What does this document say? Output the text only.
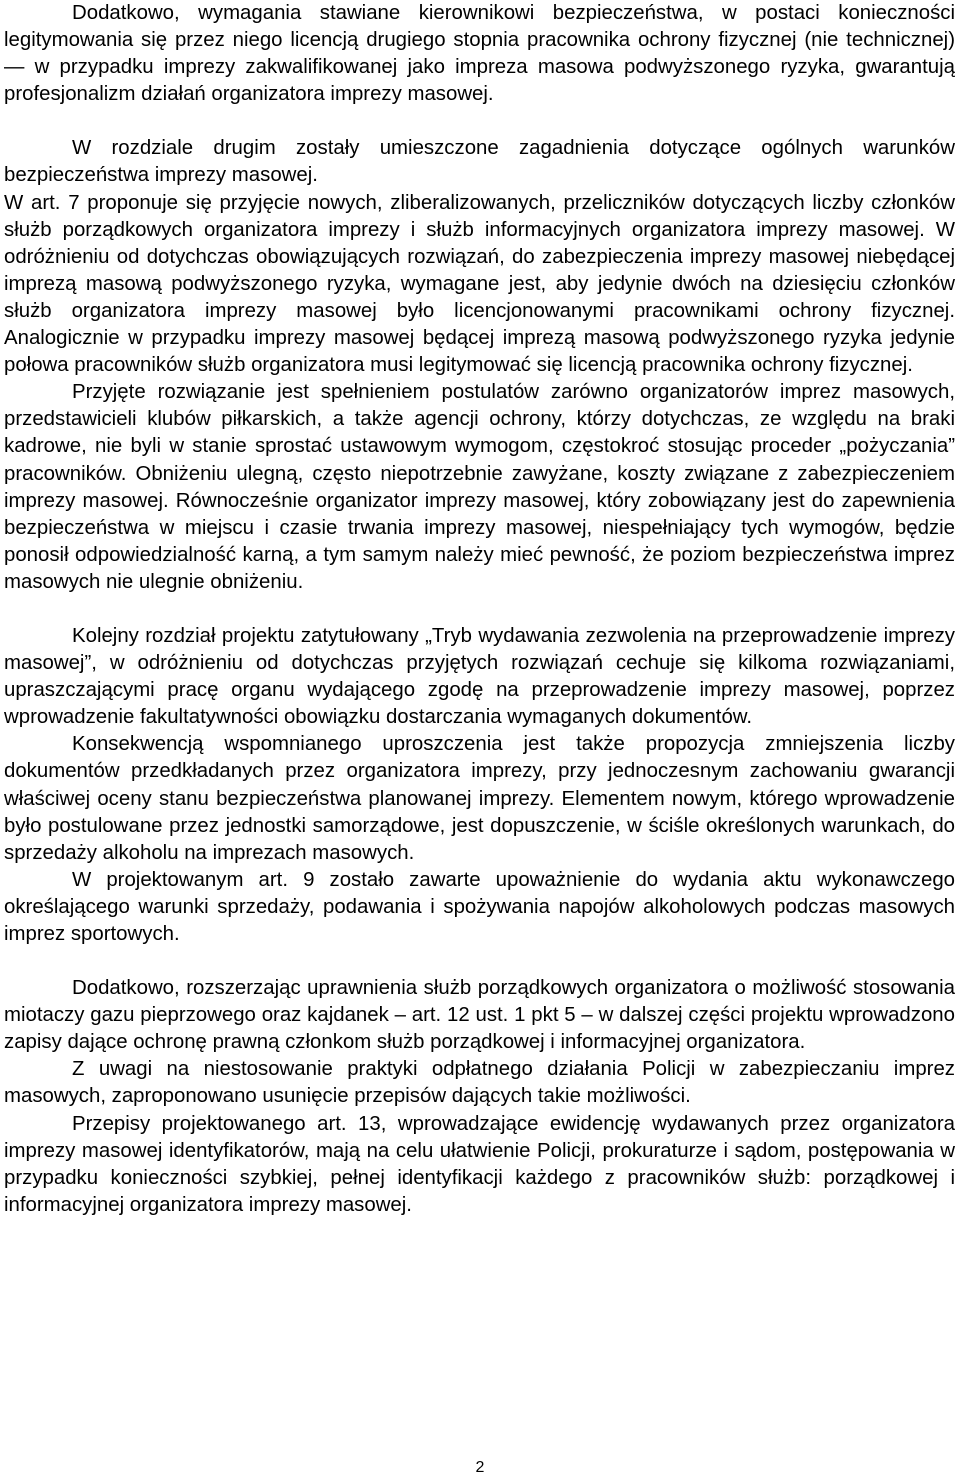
Dodatkowo, wymagania stawiane kierownikowi bezpieczeństwa, w postaci konieczności legitymowania się przez niego licencją drugiego stopnia pracownika ochrony fizycznej (nie technicznej) — w przypadku imprezy zakwalifikowanej jako impreza masowa podwyższonego ryzyka, gwarantują profesjonalizm działań organizatora imprezy masowej.

W rozdziale drugim zostały umieszczone zagadnienia dotyczące ogólnych warunków bezpieczeństwa imprezy masowej.

W art. 7 proponuje się przyjęcie nowych, zliberalizowanych, przeliczników dotyczących liczby członków służb porządkowych organizatora imprezy i służb informacyjnych organizatora imprezy masowej. W odróżnieniu od dotychczas obowiązujących rozwiązań, do zabezpieczenia imprezy masowej niebędącej imprezą masową podwyższonego ryzyka, wymagane jest, aby jedynie dwóch na dziesięciu członków służb organizatora imprezy masowej było licencjonowanymi pracownikami ochrony fizycznej. Analogicznie w przypadku imprezy masowej będącej imprezą masową podwyższonego ryzyka jedynie połowa pracowników służb organizatora musi legitymować się licencją pracownika ochrony fizycznej.

Przyjęte rozwiązanie jest spełnieniem postulatów zarówno organizatorów imprez masowych, przedstawicieli klubów piłkarskich, a także agencji ochrony, którzy dotychczas, ze względu na braki kadrowe, nie byli w stanie sprostać ustawowym wymogom, częstokroć stosując proceder „pożyczania” pracowników. Obniżeniu ulegną, często niepotrzebnie zawyżane, koszty związane z zabezpieczeniem imprezy masowej. Równocześnie organizator imprezy masowej, który zobowiązany jest do zapewnienia bezpieczeństwa w miejscu i czasie trwania imprezy masowej, niespełniający tych wymogów, będzie ponosił odpowiedzialność karną, a tym samym należy mieć pewność, że poziom bezpieczeństwa imprez masowych nie ulegnie obniżeniu.

Kolejny rozdział projektu zatytułowany „Tryb wydawania zezwolenia na przeprowadzenie imprezy masowej”, w odróżnieniu od dotychczas przyjętych rozwiązań cechuje się kilkoma rozwiązaniami, upraszczającymi pracę organu wydającego zgodę na przeprowadzenie imprezy masowej, poprzez wprowadzenie fakultatywności obowiązku dostarczania wymaganych dokumentów.

Konsekwencją wspomnianego uproszczenia jest także propozycja zmniejszenia liczby dokumentów przedkładanych przez organizatora imprezy, przy jednoczesnym zachowaniu gwarancji właściwej oceny stanu bezpieczeństwa planowanej imprezy. Elementem nowym, którego wprowadzenie było postulowane przez jednostki samorządowe, jest dopuszczenie, w ściśle określonych warunkach, do sprzedaży alkoholu na imprezach masowych.

W projektowanym art. 9 zostało zawarte upoważnienie do wydania aktu wykonawczego określającego warunki sprzedaży, podawania i spożywania napojów alkoholowych podczas masowych imprez sportowych.

Dodatkowo, rozszerzając uprawnienia służb porządkowych organizatora o możliwość stosowania miotaczy gazu pieprzowego oraz kajdanek – art. 12 ust. 1 pkt 5 – w dalszej części projektu wprowadzono zapisy dające ochronę prawną członkom służb porządkowej i informacyjnej organizatora.

Z uwagi na niestosowanie praktyki odpłatnego działania Policji w zabezpieczaniu imprez masowych, zaproponowano usunięcie przepisów dających takie możliwości.

Przepisy projektowanego art. 13, wprowadzające ewidencję wydawanych przez organizatora imprezy masowej identyfikatorów, mają na celu ułatwienie Policji, prokuraturze i sądom, postępowania w przypadku konieczności szybkiej, pełnej identyfikacji każdego z pracowników służb: porządkowej i informacyjnej organizatora imprezy masowej.

2
